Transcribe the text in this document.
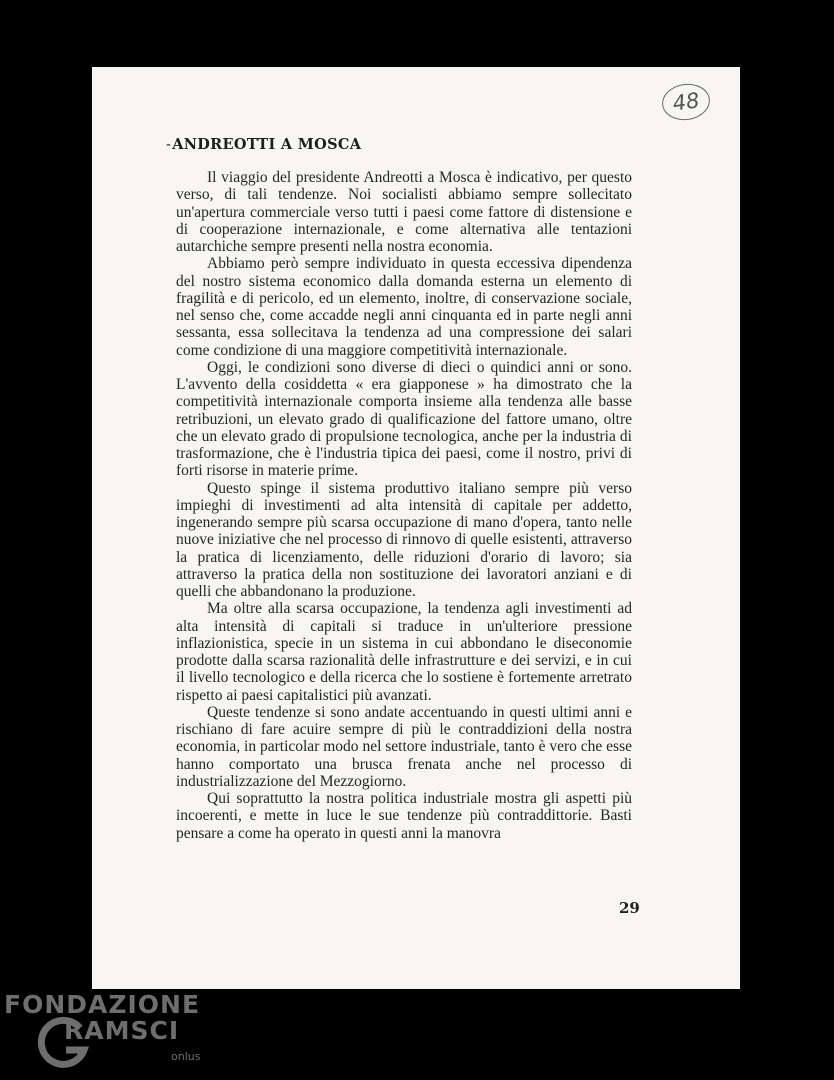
48
‐ ANDREOTTI A MOSCA

Il viaggio del presidente Andreotti a Mosca è indicativo, per questo verso, di tali tendenze. Noi socialisti abbiamo sempre sollecitato un'apertura commerciale verso tutti i paesi come fattore di distensione e di cooperazione internazionale, e come alternativa alle tentazioni autarchiche sempre presenti nella nostra economia.

Abbiamo però sempre individuato in questa eccessiva dipendenza del nostro sistema economico dalla domanda esterna un elemento di fragilità e di pericolo, ed un elemento, inoltre, di conservazione sociale, nel senso che, come accadde negli anni cinquanta ed in parte negli anni sessanta, essa sollecitava la tendenza ad una compressione dei salari come condizione di una maggiore competitività internazionale.

Oggi, le condizioni sono diverse di dieci o quindici anni or sono. L'avvento della cosiddetta « era giapponese » ha dimostrato che la competitività internazionale comporta insieme alla tendenza alle basse retribuzioni, un elevato grado di qualificazione del fattore umano, oltre che un elevato grado di propulsione tecnologica, anche per la industria di trasformazione, che è l'industria tipica dei paesi, come il nostro, privi di forti risorse in materie prime.

Questo spinge il sistema produttivo italiano sempre più verso impieghi di investimenti ad alta intensità di capitale per addetto, ingenerando sempre più scarsa occupazione di mano d'opera, tanto nelle nuove iniziative che nel processo di rinnovo di quelle esistenti, attraverso la pratica di licenziamento, delle riduzioni d'orario di lavoro; sia attraverso la pratica della non sostituzione dei lavoratori anziani e di quelli che abbandonano la produzione.

Ma oltre alla scarsa occupazione, la tendenza agli investimenti ad alta intensità di capitali si traduce in un'ulteriore pressione inflazionistica, specie in un sistema in cui abbondano le diseconomie prodotte dalla scarsa razionalità delle infrastrutture e dei servizi, e in cui il livello tecnologico e della ricerca che lo sostiene è fortemente arretrato rispetto ai paesi capitalistici più avanzati.

Queste tendenze si sono andate accentuando in questi ultimi anni e rischiano di fare acuire sempre di più le contraddizioni della nostra economia, in particolar modo nel settore industriale, tanto è vero che esse hanno comportato una brusca frenata anche nel processo di industrializzazione del Mezzogiorno.

Qui soprattutto la nostra politica industriale mostra gli aspetti più incoerenti, e mette in luce le sue tendenze più contraddittorie. Basti pensare a come ha operato in questi anni la manovra

29
FONDAZIONE
RAMSCI
onlus
